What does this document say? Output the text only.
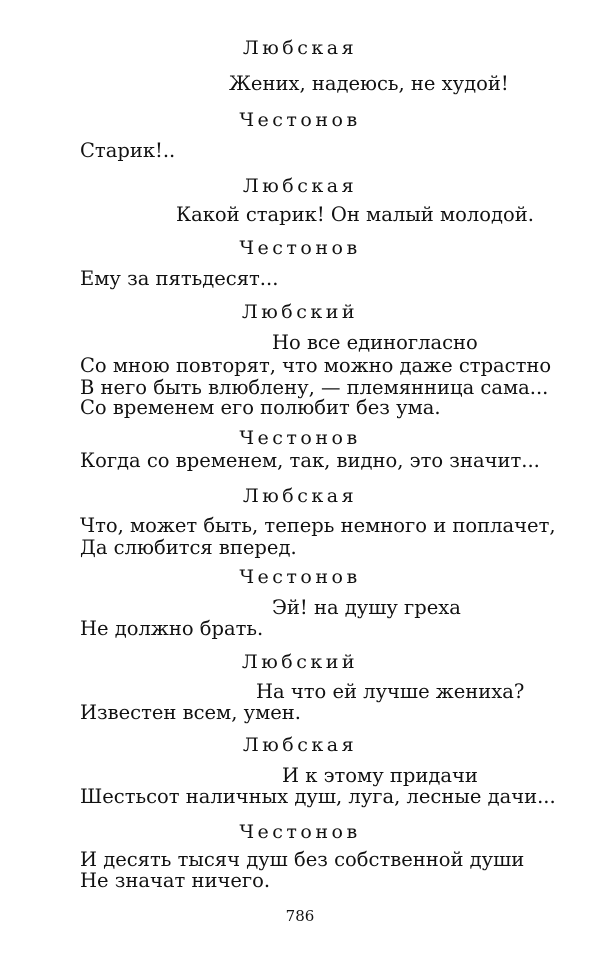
Любская
Жених, надеюсь, не худой!
Честонов
Старик!..
Любская
Какой старик! Он малый молодой.
Честонов
Ему за пятьдесят...
Любский
Но все единогласно
Со мною повторят, что можно даже страстно
В него быть влюблену, — племянница сама...
Со временем его полюбит без ума.
Честонов
Когда со временем, так, видно, это значит...
Любская
Что, может быть, теперь немного и поплачет,
Да слюбится вперед.
Честонов
Эй! на душу греха
Не должно брать.
Любский
На что ей лучше жениха?
Известен всем, умен.
Любская
И к этому придачи
Шестьсот наличных душ, луга, лесные дачи...
Честонов
И десять тысяч душ без собственной души
Не значат ничего.
786
